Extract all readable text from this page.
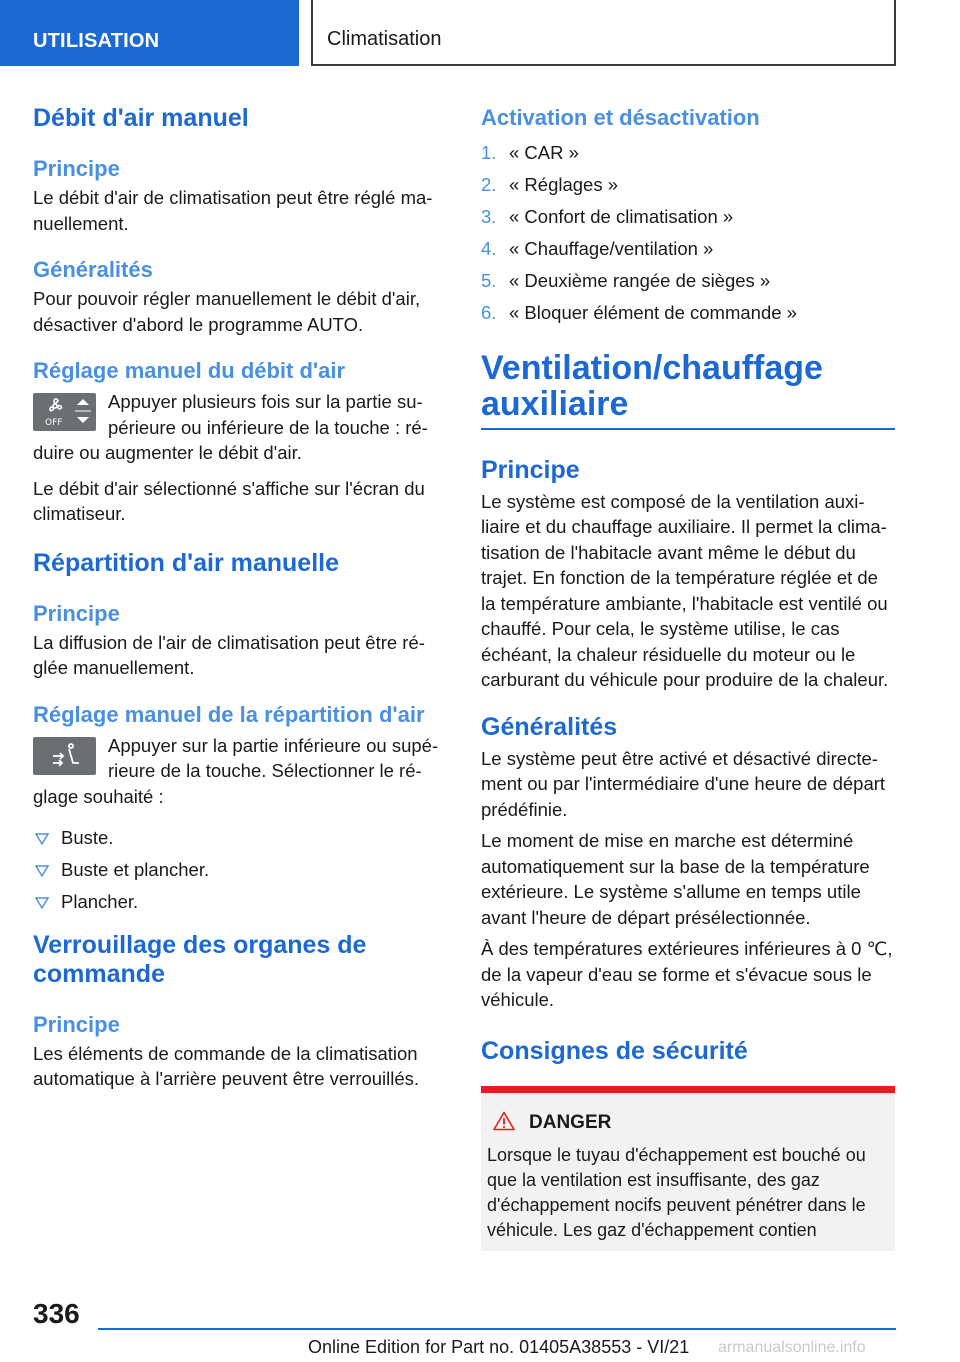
UTILISATION	Climatisation
Débit d'air manuel
Principe

Le débit d'air de climatisation peut être réglé manuellement.

Généralités

Pour pouvoir régler manuellement le débit d'air, désactiver d'abord le programme AUTO.

Réglage manuel du débit d'air
OFF

Appuyer plusieurs fois sur la partie supérieure ou inférieure de la touche : réduire ou augmenter le débit d'air.

Le débit d'air sélectionné s'affiche sur l'écran du climatiseur.

Répartition d'air manuelle
Principe

La diffusion de l'air de climatisation peut être réglée manuellement.

Réglage manuel de la répartition d'air

Appuyer sur la partie inférieure ou supérieure de la touche. Sélectionner le réglage souhaité :

Buste.
Buste et plancher.
Plancher.
Verrouillage des organes de commande
Principe

Les éléments de commande de la climatisation automatique à l'arrière peuvent être verrouillés.

Activation et désactivation
1. « CAR »
2. « Réglages »
3. « Confort de climatisation »
4. « Chauffage/ventilation »
5. « Deuxième rangée de sièges »
6. « Bloquer élément de commande »
Ventilation/chauffage auxiliaire
Principe

Le système est composé de la ventilation auxiliaire et du chauffage auxiliaire. Il permet la climatisation de l'habitacle avant même le début du trajet. En fonction de la température réglée et de la température ambiante, l'habitacle est ventilé ou chauffé. Pour cela, le système utilise, le cas échéant, la chaleur résiduelle du moteur ou le carburant du véhicule pour produire de la chaleur.

Généralités

Le système peut être activé et désactivé directement ou par l'intermédiaire d'une heure de départ prédéfinie.

Le moment de mise en marche est déterminé automatiquement sur la base de la température extérieure. Le système s'allume en temps utile avant l'heure de départ présélectionnée.

À des températures extérieures inférieures à 0 ℃, de la vapeur d'eau se forme et s'évacue sous le véhicule.

Consignes de sécurité
DANGER

Lorsque le tuyau d'échappement est bouché ou que la ventilation est insuffisante, des gaz d'échappement nocifs peuvent pénétrer dans le véhicule. Les gaz d'échappement contien

336
Online Edition for Part no. 01405A38553 - VI/21 armanualsonline.info
